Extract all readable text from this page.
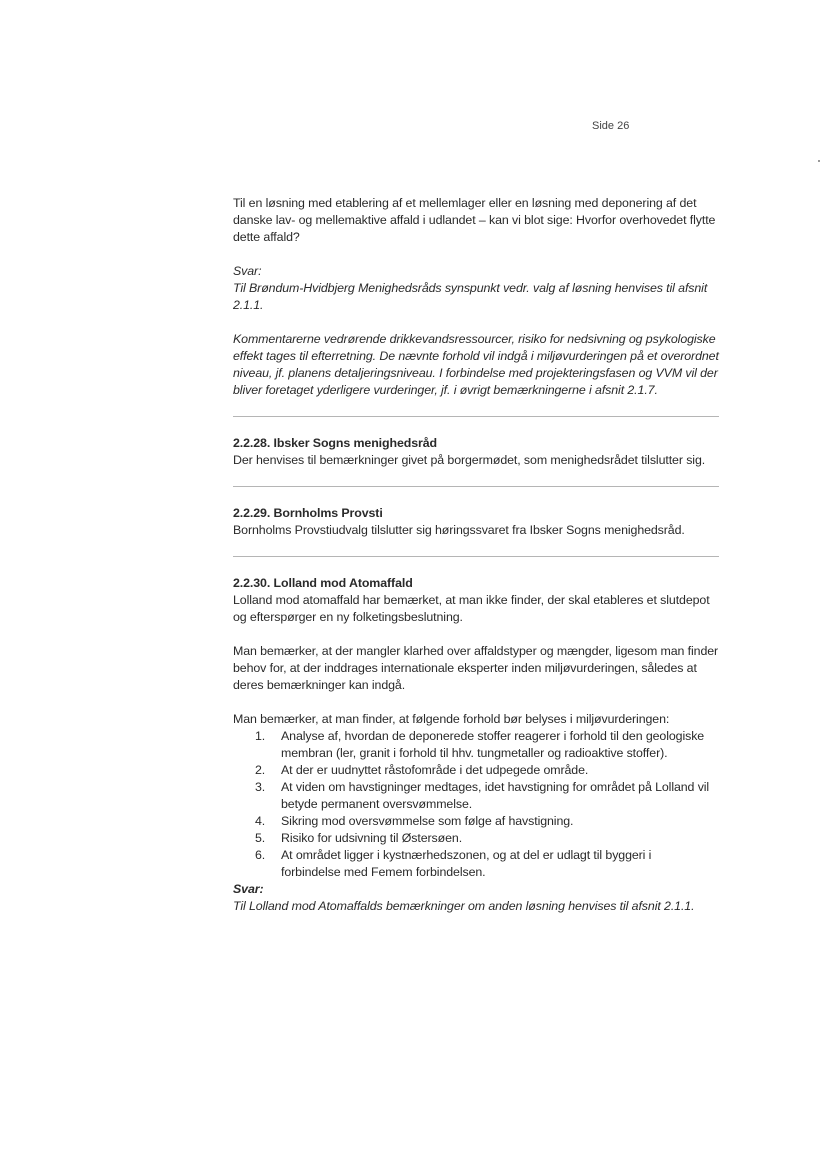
Side 26

Til en løsning med etablering af et mellemlager eller en løsning med deponering af det danske lav- og mellemaktive affald i udlandet – kan vi blot sige: Hvorfor overhovedet flytte dette affald?

Svar:

Til Brøndum-Hvidbjerg Menighedsråds synspunkt vedr. valg af løsning henvises til afsnit 2.1.1.

Kommentarerne vedrørende drikkevandsressourcer, risiko for nedsivning og psykologiske effekt tages til efterretning. De nævnte forhold vil indgå i miljøvurderingen på et overordnet niveau, jf. planens detaljeringsniveau. I forbindelse med projekteringsfasen og VVM vil der bliver foretaget yderligere vurderinger, jf. i øvrigt bemærkningerne i afsnit 2.1.7.

2.2.28. Ibsker Sogns menighedsråd

Der henvises til bemærkninger givet på borgermødet, som menighedsrådet tilslutter sig.

2.2.29. Bornholms Provsti

Bornholms Provstiudvalg tilslutter sig høringssvaret fra Ibsker Sogns menighedsråd.

2.2.30. Lolland mod Atomaffald

Lolland mod atomaffald har bemærket, at man ikke finder, der skal etableres et slutdepot og efterspørger en ny folketingsbeslutning.

Man bemærker, at der mangler klarhed over affaldstyper og mængder, ligesom man finder behov for, at der inddrages internationale eksperter inden miljøvurderingen, således at deres bemærkninger kan indgå.

Man bemærker, at man finder, at følgende forhold bør belyses i miljøvurderingen:

1.	Analyse af, hvordan de deponerede stoffer reagerer i forhold til den geologiske membran (ler, granit i forhold til hhv. tungmetaller og radioaktive stoffer).
2.	At der er uudnyttet råstofområde i det udpegede område.
3.	At viden om havstigninger medtages, idet havstigning for området på Lolland vil betyde permanent oversvømmelse.
4.	Sikring mod oversvømmelse som følge af havstigning.
5.	Risiko for udsivning til Østersøen.
6.	At området ligger i kystnærhedszonen, og at del er udlagt til byggeri i forbindelse med Femem forbindelsen.

Svar:

Til Lolland mod Atomaffalds bemærkninger om anden løsning henvises til afsnit 2.1.1.
